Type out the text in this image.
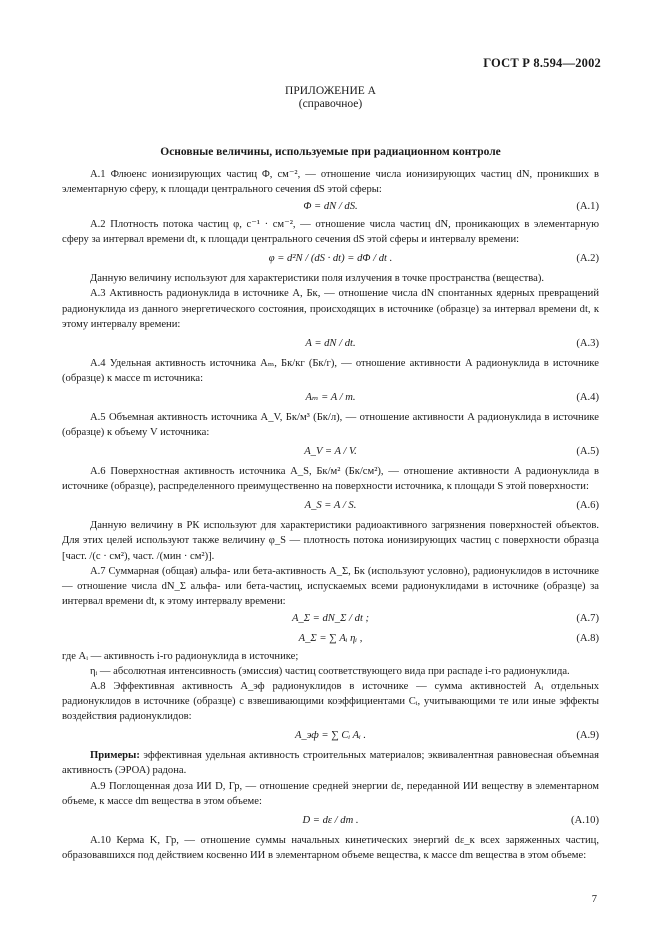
ГОСТ Р 8.594—2002
ПРИЛОЖЕНИЕ А
(справочное)
Основные величины, используемые при радиационном контроле

А.1 Флюенс ионизирующих частиц Φ, см⁻², — отношение числа ионизирующих частиц dN, проникших в элементарную сферу, к площади центрального сечения dS этой сферы:

Φ = dN / dS.	(А.1)

А.2 Плотность потока частиц φ, с⁻¹ · см⁻², — отношение числа частиц dN, проникающих в элементарную сферу за интервал времени dt, к площади центрального сечения dS этой сферы и интервалу времени:

φ = d²N / (dS · dt) = dΦ / dt .	(А.2)

Данную величину используют для характеристики поля излучения в точке пространства (вещества).

А.3 Активность радионуклида в источнике A, Бк, — отношение числа dN спонтанных ядерных превращений радионуклида из данного энергетического состояния, происходящих в источнике (образце) за интервал времени dt, к этому интервалу времени:

A = dN / dt.	(А.3)

А.4 Удельная активность источника Aₘ, Бк/кг (Бк/г), — отношение активности A радионуклида в источнике (образце) к массе m источника:

Aₘ = A / m.	(А.4)

А.5 Объемная активность источника A_V, Бк/м³ (Бк/л), — отношение активности A радионуклида в источнике (образце) к объему V источника:

A_V = A / V.	(А.5)

А.6 Поверхностная активность источника A_S, Бк/м² (Бк/см²), — отношение активности A радионуклида в источнике (образце), распределенного преимущественно на поверхности источника, к площади S этой поверхности:

A_S = A / S.	(А.6)

Данную величину в РК используют для характеристики радиоактивного загрязнения поверхностей объектов. Для этих целей используют также величину φ_S — плотность потока ионизирующих частиц с поверхности образца [част. /(с · см²), част. /(мин · см²)].

А.7 Суммарная (общая) альфа- или бета-активность A_Σ, Бк (используют условно), радионуклидов в источнике — отношение числа dN_Σ альфа- или бета-частиц, испускаемых всеми радионуклидами в источнике (образце) за интервал времени dt, к этому интервалу времени:

A_Σ = dN_Σ / dt ;	(А.7)
A_Σ = ∑ Aᵢ ηᵢ ,	(А.8)

где Aᵢ — активность i-го радионуклида в источнике;

ηᵢ — абсолютная интенсивность (эмиссия) частиц соответствующего вида при распаде i-го радионуклида.

А.8 Эффективная активность A_эф радионуклидов в источнике — сумма активностей Aᵢ отдельных радионуклидов в источнике (образце) с взвешивающими коэффициентами Cᵢ, учитывающими те или иные эффекты воздействия радионуклидов:

A_эф = ∑ Cᵢ Aᵢ .	(А.9)

Примеры: эффективная удельная активность строительных материалов; эквивалентная равновесная объемная активность (ЭРОА) радона.

А.9 Поглощенная доза ИИ D, Гр, — отношение средней энергии dε, переданной ИИ веществу в элементарном объеме, к массе dm вещества в этом объеме:

D = dε / dm .	(А.10)

А.10 Керма K, Гр, — отношение суммы начальных кинетических энергий dε_к всех заряженных частиц, образовавшихся под действием косвенно ИИ в элементарном объеме вещества, к массе dm вещества в этом объеме:

7
